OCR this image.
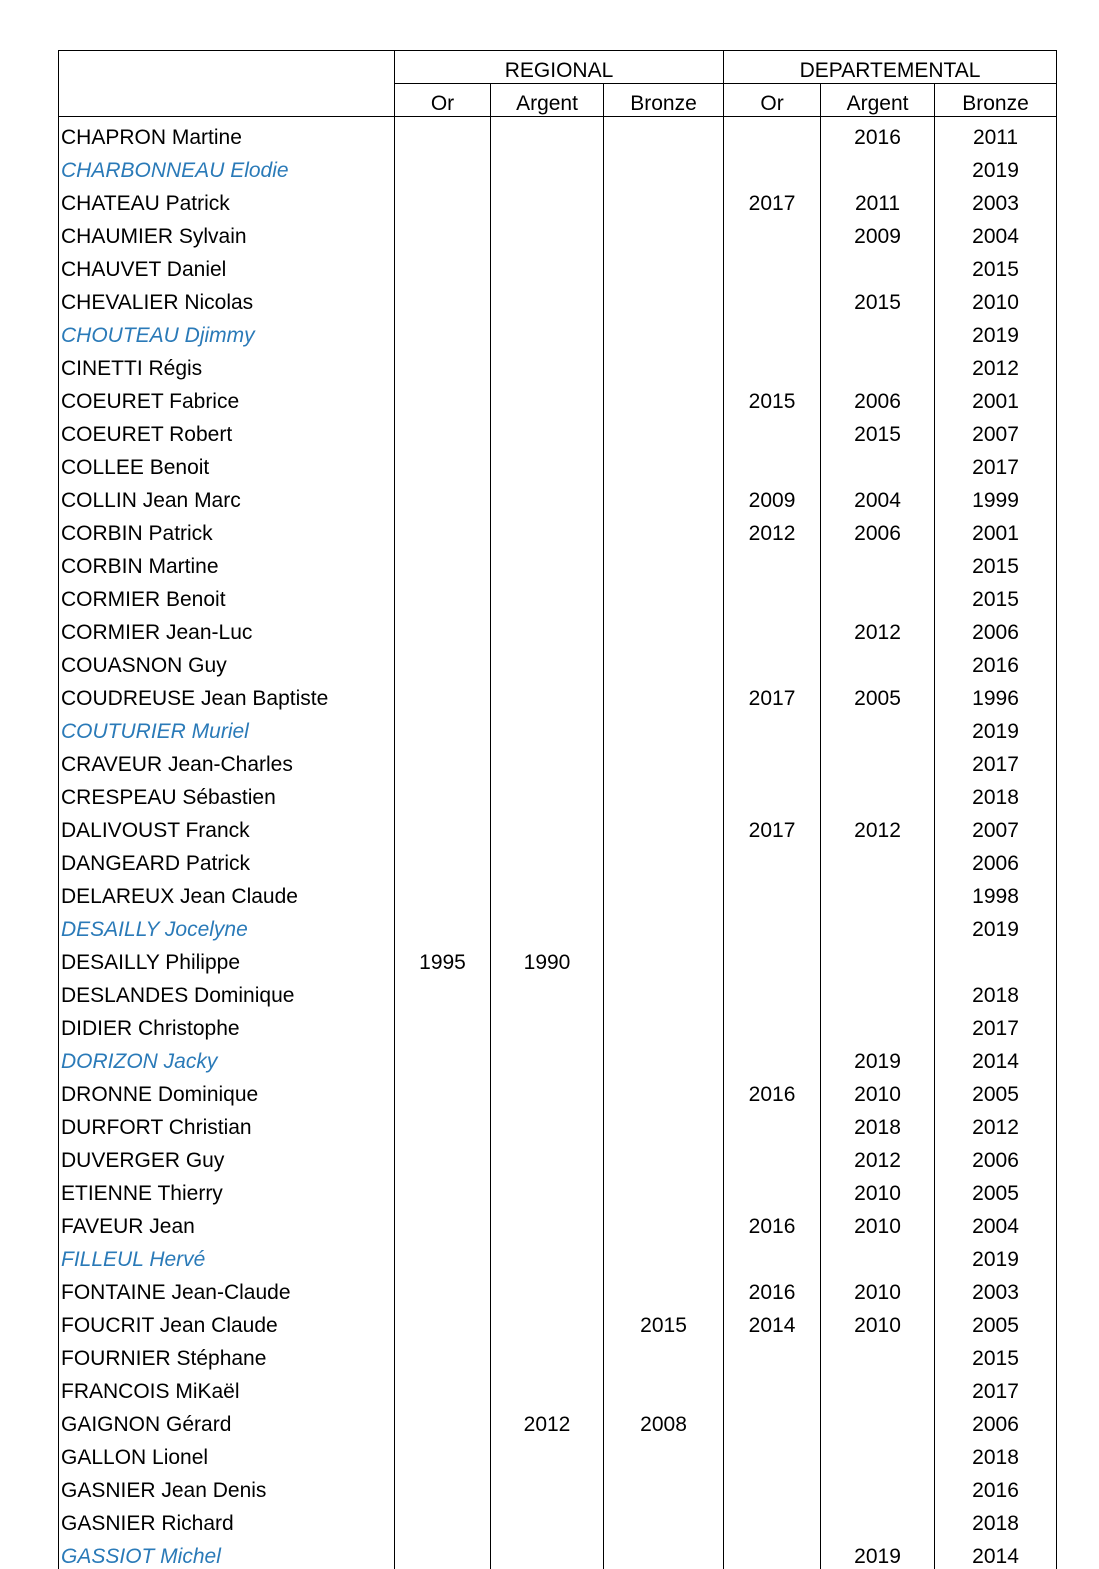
	REGIONAL			DEPARTEMENTAL		
	Or	Argent	Bronze	Or	Argent	Bronze
CHAPRON Martine					2016	2011
CHARBONNEAU Elodie						2019
CHATEAU Patrick				2017	2011	2003
CHAUMIER Sylvain					2009	2004
CHAUVET Daniel						2015
CHEVALIER Nicolas					2015	2010
CHOUTEAU Djimmy						2019
CINETTI Régis						2012
COEURET Fabrice				2015	2006	2001
COEURET Robert					2015	2007
COLLEE Benoit						2017
COLLIN Jean Marc				2009	2004	1999
CORBIN Patrick				2012	2006	2001
CORBIN Martine						2015
CORMIER Benoit						2015
CORMIER Jean-Luc					2012	2006
COUASNON Guy						2016
COUDREUSE Jean Baptiste				2017	2005	1996
COUTURIER Muriel						2019
CRAVEUR Jean-Charles						2017
CRESPEAU Sébastien						2018
DALIVOUST Franck				2017	2012	2007
DANGEARD Patrick						2006
DELAREUX Jean Claude						1998
DESAILLY Jocelyne						2019
DESAILLY Philippe	1995	1990				
DESLANDES Dominique						2018
DIDIER Christophe						2017
DORIZON Jacky					2019	2014
DRONNE Dominique				2016	2010	2005
DURFORT Christian					2018	2012
DUVERGER Guy					2012	2006
ETIENNE Thierry					2010	2005
FAVEUR Jean				2016	2010	2004
FILLEUL Hervé						2019
FONTAINE Jean-Claude				2016	2010	2003
FOUCRIT Jean Claude			2015	2014	2010	2005
FOURNIER Stéphane						2015
FRANCOIS MiKaël						2017
GAIGNON Gérard		2012	2008			2006
GALLON Lionel						2018
GASNIER Jean Denis						2016
GASNIER Richard						2018
GASSIOT Michel					2019	2014
